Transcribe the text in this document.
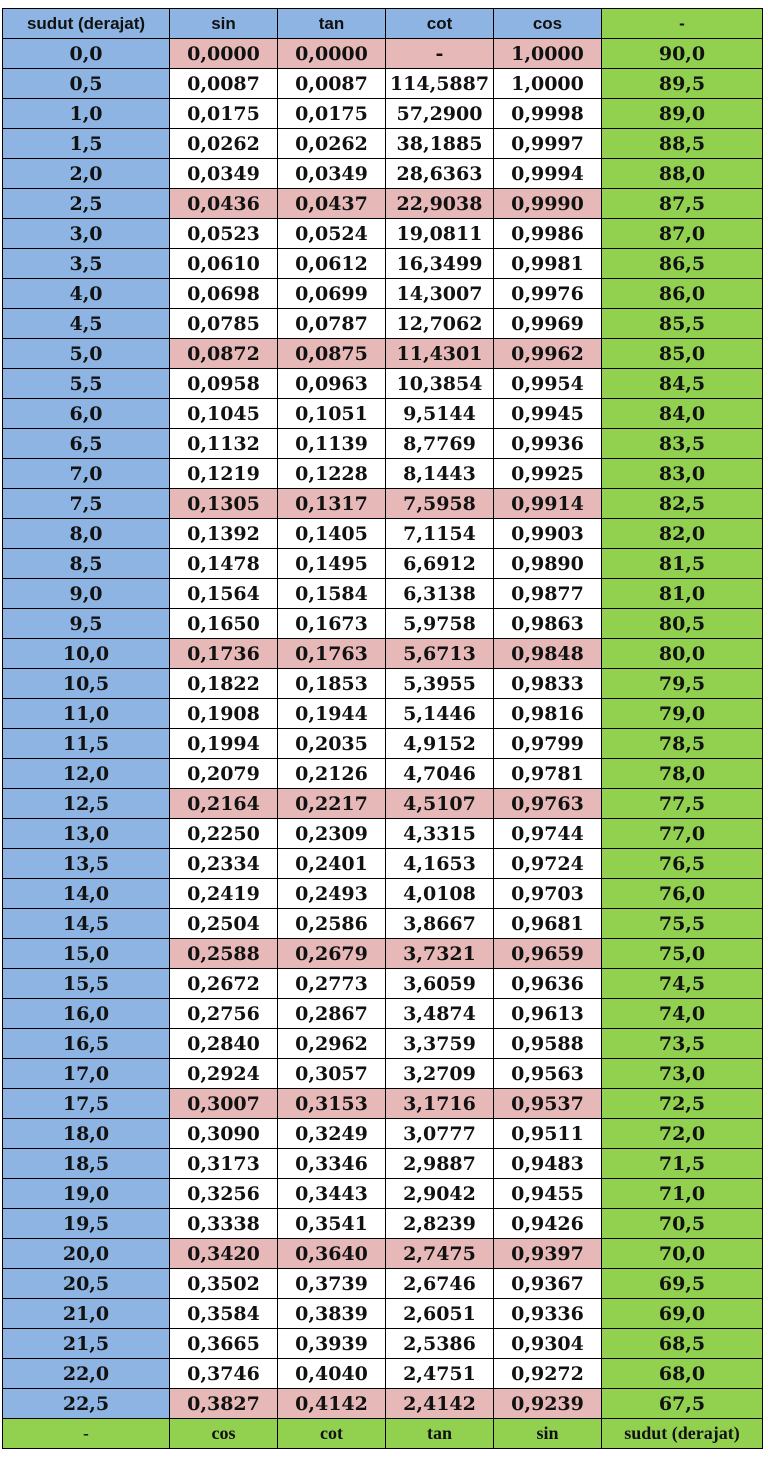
sudut (derajat)	sin	tan	cot	cos	-
0,0	0,0000	0,0000	-	1,0000	90,0
0,5	0,0087	0,0087	114,5887	1,0000	89,5
1,0	0,0175	0,0175	57,2900	0,9998	89,0
1,5	0,0262	0,0262	38,1885	0,9997	88,5
2,0	0,0349	0,0349	28,6363	0,9994	88,0
2,5	0,0436	0,0437	22,9038	0,9990	87,5
3,0	0,0523	0,0524	19,0811	0,9986	87,0
3,5	0,0610	0,0612	16,3499	0,9981	86,5
4,0	0,0698	0,0699	14,3007	0,9976	86,0
4,5	0,0785	0,0787	12,7062	0,9969	85,5
5,0	0,0872	0,0875	11,4301	0,9962	85,0
5,5	0,0958	0,0963	10,3854	0,9954	84,5
6,0	0,1045	0,1051	9,5144	0,9945	84,0
6,5	0,1132	0,1139	8,7769	0,9936	83,5
7,0	0,1219	0,1228	8,1443	0,9925	83,0
7,5	0,1305	0,1317	7,5958	0,9914	82,5
8,0	0,1392	0,1405	7,1154	0,9903	82,0
8,5	0,1478	0,1495	6,6912	0,9890	81,5
9,0	0,1564	0,1584	6,3138	0,9877	81,0
9,5	0,1650	0,1673	5,9758	0,9863	80,5
10,0	0,1736	0,1763	5,6713	0,9848	80,0
10,5	0,1822	0,1853	5,3955	0,9833	79,5
11,0	0,1908	0,1944	5,1446	0,9816	79,0
11,5	0,1994	0,2035	4,9152	0,9799	78,5
12,0	0,2079	0,2126	4,7046	0,9781	78,0
12,5	0,2164	0,2217	4,5107	0,9763	77,5
13,0	0,2250	0,2309	4,3315	0,9744	77,0
13,5	0,2334	0,2401	4,1653	0,9724	76,5
14,0	0,2419	0,2493	4,0108	0,9703	76,0
14,5	0,2504	0,2586	3,8667	0,9681	75,5
15,0	0,2588	0,2679	3,7321	0,9659	75,0
15,5	0,2672	0,2773	3,6059	0,9636	74,5
16,0	0,2756	0,2867	3,4874	0,9613	74,0
16,5	0,2840	0,2962	3,3759	0,9588	73,5
17,0	0,2924	0,3057	3,2709	0,9563	73,0
17,5	0,3007	0,3153	3,1716	0,9537	72,5
18,0	0,3090	0,3249	3,0777	0,9511	72,0
18,5	0,3173	0,3346	2,9887	0,9483	71,5
19,0	0,3256	0,3443	2,9042	0,9455	71,0
19,5	0,3338	0,3541	2,8239	0,9426	70,5
20,0	0,3420	0,3640	2,7475	0,9397	70,0
20,5	0,3502	0,3739	2,6746	0,9367	69,5
21,0	0,3584	0,3839	2,6051	0,9336	69,0
21,5	0,3665	0,3939	2,5386	0,9304	68,5
22,0	0,3746	0,4040	2,4751	0,9272	68,0
22,5	0,3827	0,4142	2,4142	0,9239	67,5
-	cos	cot	tan	sin	sudut (derajat)
